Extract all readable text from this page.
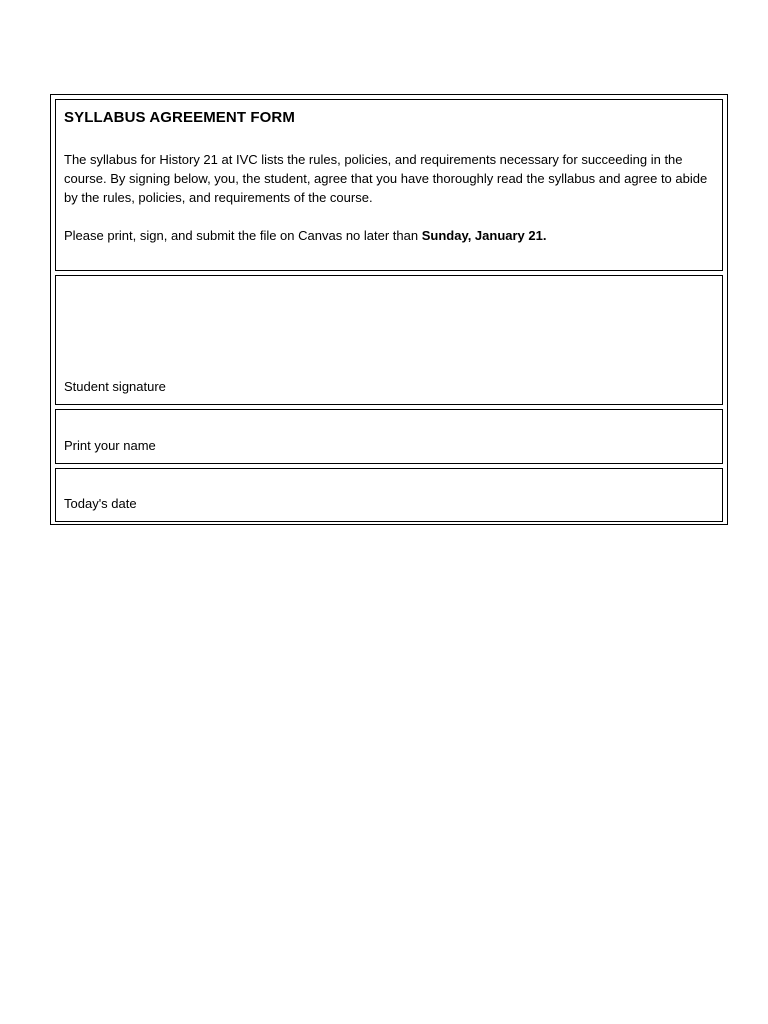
SYLLABUS AGREEMENT FORM

The syllabus for History 21 at IVC lists the rules, policies, and requirements necessary for succeeding in the course. By signing below, you, the student, agree that you have thoroughly read the syllabus and agree to abide by the rules, policies, and requirements of the course.

Please print, sign, and submit the file on Canvas no later than Sunday, January 21.

Student signature
Print your name
Today's date
